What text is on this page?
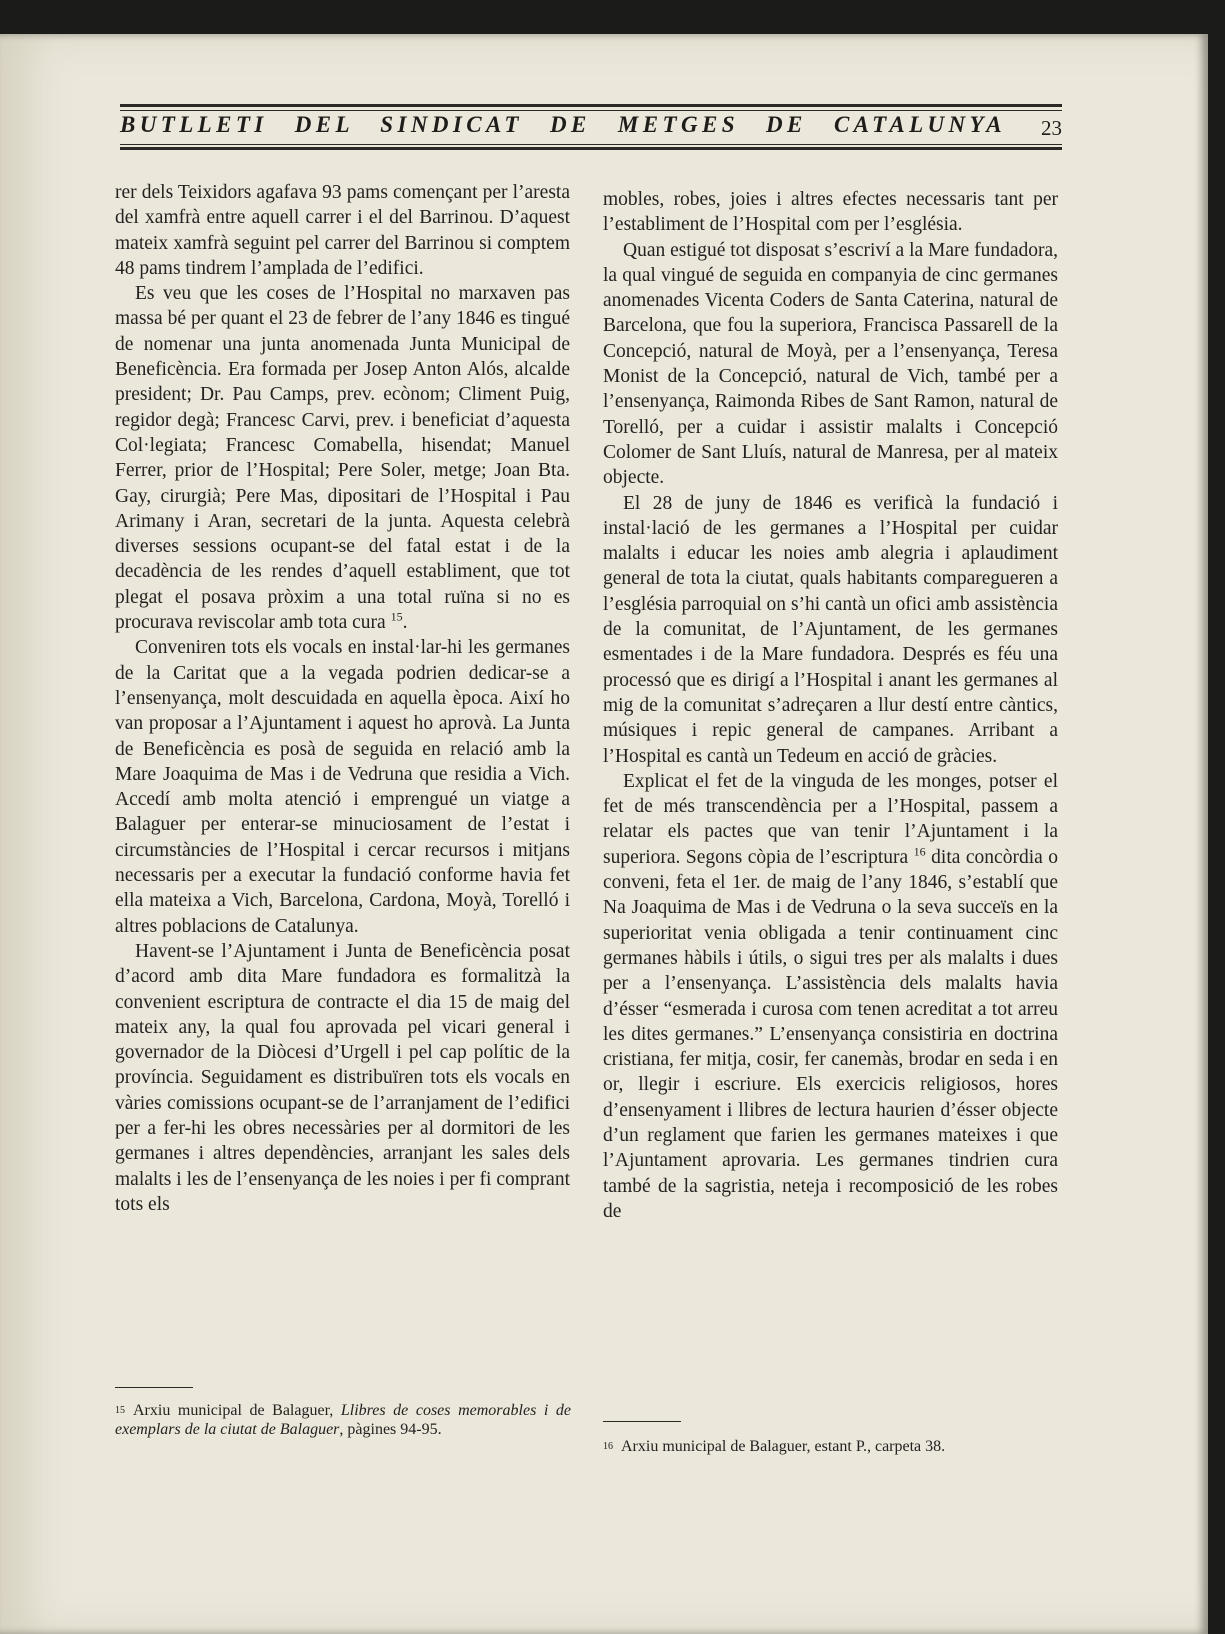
BUTLLETI DEL SINDICAT DE METGES DE CATALUNYA 23

rer dels Teixidors agafava 93 pams començant per l’aresta del xamfrà entre aquell carrer i el del Barrinou. D’aquest mateix xamfrà seguint pel carrer del Barrinou si comptem 48 pams tindrem l’amplada de l’edifici.

Es veu que les coses de l’Hospital no marxaven pas massa bé per quant el 23 de febrer de l’any 1846 es tingué de nomenar una junta anomenada Junta Municipal de Beneficència. Era formada per Josep Anton Alós, alcalde president; Dr. Pau Camps, prev. ecònom; Climent Puig, regidor degà; Francesc Carvi, prev. i beneficiat d’aquesta Col·legiata; Francesc Comabella, hisendat; Manuel Ferrer, prior de l’Hospital; Pere Soler, metge; Joan Bta. Gay, cirurgià; Pere Mas, dipositari de l’Hospital i Pau Arimany i Aran, secretari de la junta. Aquesta celebrà diverses sessions ocupant-se del fatal estat i de la decadència de les rendes d’aquell establiment, que tot plegat el posava pròxim a una total ruïna si no es procurava reviscolar amb tota cura $^{15}$.

Conveniren tots els vocals en instal·lar-hi les germanes de la Caritat que a la vegada podrien dedicar-se a l’ensenyança, molt descuidada en aquella època. Així ho van proposar a l’Ajuntament i aquest ho aprovà. La Junta de Beneficència es posà de seguida en relació amb la Mare Joaquima de Mas i de Vedruna que residia a Vich. Accedí amb molta atenció i emprengué un viatge a Balaguer per enterar-se minuciosament de l’estat i circumstàncies de l’Hospital i cercar recursos i mitjans necessaris per a executar la fundació conforme havia fet ella mateixa a Vich, Barcelona, Cardona, Moyà, Torelló i altres poblacions de Catalunya.

Havent-se l’Ajuntament i Junta de Beneficència posat d’acord amb dita Mare fundadora es formalitzà la convenient escriptura de contracte el dia 15 de maig del mateix any, la qual fou aprovada pel vicari general i governador de la Diòcesi d’Urgell i pel cap polític de la província. Seguidament es distribuïren tots els vocals en vàries comissions ocupant-se de l’arranjament de l’edifici per a fer-hi les obres necessàries per al dormitori de les germanes i altres dependències, arranjant les sales dels malalts i les de l’ensenyança de les noies i per fi comprant tots els

$^{15}$ Arxiu municipal de Balaguer, Llibres de coses memorables i de exemplars de la ciutat de Balaguer, pàgines 94-95.

mobles, robes, joies i altres efectes necessaris tant per l’establiment de l’Hospital com per l’església.

Quan estigué tot disposat s’escriví a la Mare fundadora, la qual vingué de seguida en companyia de cinc germanes anomenades Vicenta Coders de Santa Caterina, natural de Barcelona, que fou la superiora, Francisca Passarell de la Concepció, natural de Moyà, per a l’ensenyança, Teresa Monist de la Concepció, natural de Vich, també per a l’ensenyança, Raimonda Ribes de Sant Ramon, natural de Torelló, per a cuidar i assistir malalts i Concepció Colomer de Sant Lluís, natural de Manresa, per al mateix objecte.

El 28 de juny de 1846 es verificà la fundació i instal·lació de les germanes a l’Hospital per cuidar malalts i educar les noies amb alegria i aplaudiment general de tota la ciutat, quals habitants comparegueren a l’església parroquial on s’hi cantà un ofici amb assistència de la comunitat, de l’Ajuntament, de les germanes esmentades i de la Mare fundadora. Després es féu una processó que es dirigí a l’Hospital i anant les germanes al mig de la comunitat s’adreçaren a llur destí entre càntics, músiques i repic general de campanes. Arribant a l’Hospital es cantà un Tedeum en acció de gràcies.

Explicat el fet de la vinguda de les monges, potser el fet de més transcendència per a l’Hospital, passem a relatar els pactes que van tenir l’Ajuntament i la superiora. Segons còpia de l’escriptura $^{16}$ dita concòrdia o conveni, feta el 1er. de maig de l’any 1846, s’establí que Na Joaquima de Mas i de Vedruna o la seva succeïs en la superioritat venia obligada a tenir continuament cinc germanes hàbils i útils, o sigui tres per als malalts i dues per a l’ensenyança. L’assistència dels malalts havia d’ésser “esmerada i curosa com tenen acreditat a tot arreu les dites germanes.” L’ensenyança consistiria en doctrina cristiana, fer mitja, cosir, fer canemàs, brodar en seda i en or, llegir i escriure. Els exercicis religiosos, hores d’ensenyament i llibres de lectura haurien d’ésser objecte d’un reglament que farien les germanes mateixes i que l’Ajuntament aprovaria. Les germanes tindrien cura també de la sagristia, neteja i recomposició de les robes de

$^{16}$ Arxiu municipal de Balaguer, estant P., carpeta 38.
